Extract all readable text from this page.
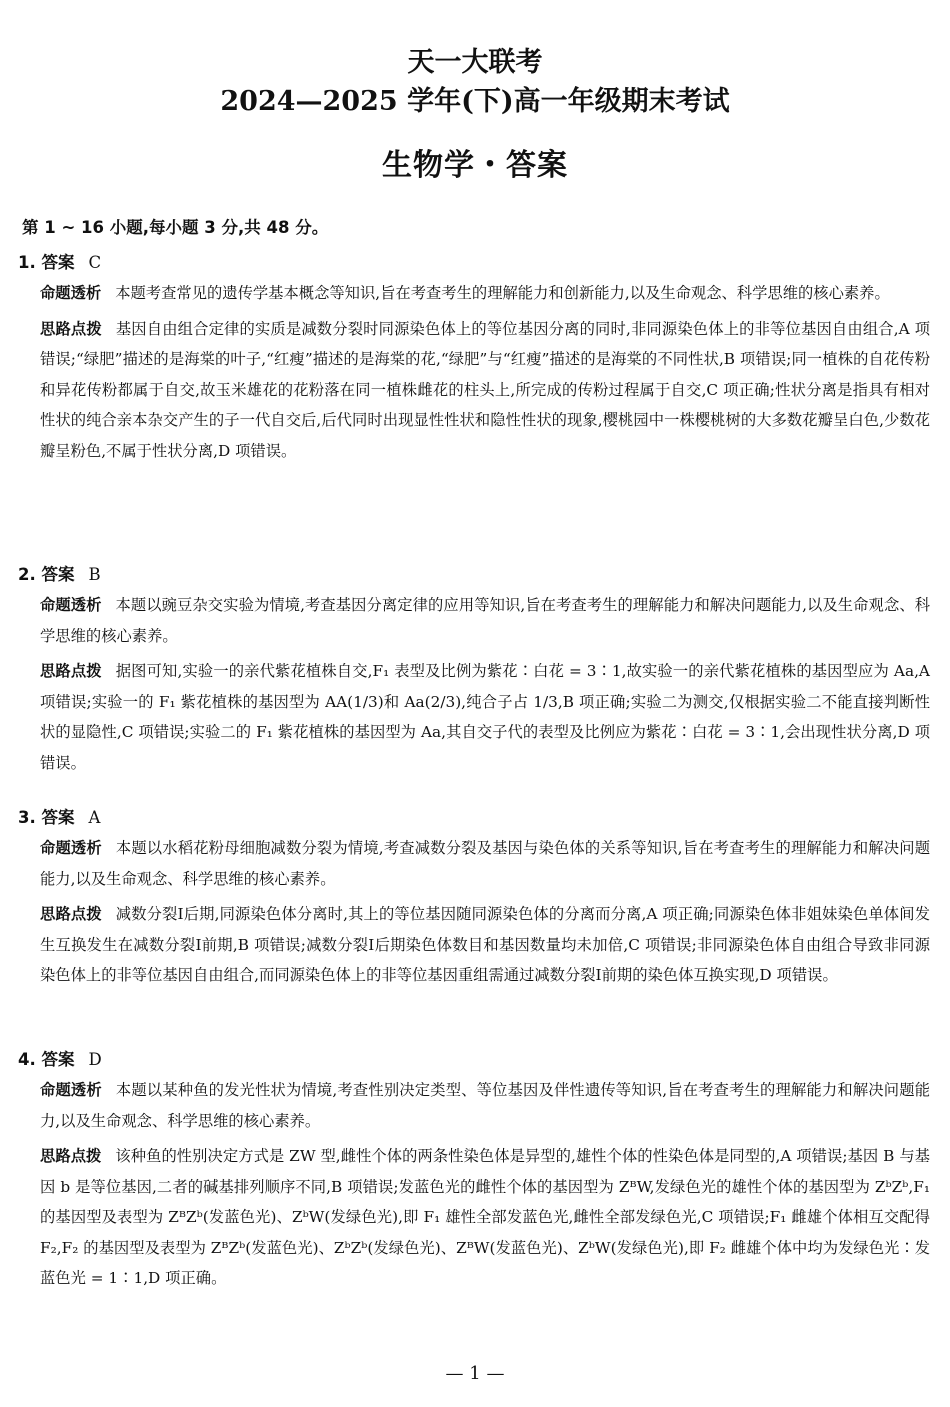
天一大联考
2024—2025 学年(下)高一年级期末考试
生物学・答案
第 1 ~ 16 小题,每小题 3 分,共 48 分。
1. 答案 C
命题透析 本题考查常见的遗传学基本概念等知识,旨在考查考生的理解能力和创新能力,以及生命观念、科学思维的核心素养。
思路点拨 基因自由组合定律的实质是减数分裂时同源染色体上的等位基因分离的同时,非同源染色体上的非等位基因自由组合,A 项错误;“绿肥”描述的是海棠的叶子,“红瘦”描述的是海棠的花,“绿肥”与“红瘦”描述的是海棠的不同性状,B 项错误;同一植株的自花传粉和异花传粉都属于自交,故玉米雄花的花粉落在同一植株雌花的柱头上,所完成的传粉过程属于自交,C 项正确;性状分离是指具有相对性状的纯合亲本杂交产生的子一代自交后,后代同时出现显性性状和隐性性状的现象,樱桃园中一株樱桃树的大多数花瓣呈白色,少数花瓣呈粉色,不属于性状分离,D 项错误。
2. 答案 B
命题透析 本题以豌豆杂交实验为情境,考查基因分离定律的应用等知识,旨在考查考生的理解能力和解决问题能力,以及生命观念、科学思维的核心素养。
思路点拨 据图可知,实验一的亲代紫花植株自交,F₁ 表型及比例为紫花∶白花 = 3∶1,故实验一的亲代紫花植株的基因型应为 Aa,A 项错误;实验一的 F₁ 紫花植株的基因型为 AA(1/3)和 Aa(2/3),纯合子占 1/3,B 项正确;实验二为测交,仅根据实验二不能直接判断性状的显隐性,C 项错误;实验二的 F₁ 紫花植株的基因型为 Aa,其自交子代的表型及比例应为紫花∶白花 = 3∶1,会出现性状分离,D 项错误。
3. 答案 A
命题透析 本题以水稻花粉母细胞减数分裂为情境,考查减数分裂及基因与染色体的关系等知识,旨在考查考生的理解能力和解决问题能力,以及生命观念、科学思维的核心素养。
思路点拨 减数分裂Ⅰ后期,同源染色体分离时,其上的等位基因随同源染色体的分离而分离,A 项正确;同源染色体非姐妹染色单体间发生互换发生在减数分裂Ⅰ前期,B 项错误;减数分裂Ⅰ后期染色体数目和基因数量均未加倍,C 项错误;非同源染色体自由组合导致非同源染色体上的非等位基因自由组合,而同源染色体上的非等位基因重组需通过减数分裂Ⅰ前期的染色体互换实现,D 项错误。
4. 答案 D
命题透析 本题以某种鱼的发光性状为情境,考查性别决定类型、等位基因及伴性遗传等知识,旨在考查考生的理解能力和解决问题能力,以及生命观念、科学思维的核心素养。
思路点拨 该种鱼的性别决定方式是 ZW 型,雌性个体的两条性染色体是异型的,雄性个体的性染色体是同型的,A 项错误;基因 B 与基因 b 是等位基因,二者的碱基排列顺序不同,B 项错误;发蓝色光的雌性个体的基因型为 ZᴮW,发绿色光的雄性个体的基因型为 ZᵇZᵇ,F₁ 的基因型及表型为 ZᴮZᵇ(发蓝色光)、ZᵇW(发绿色光),即 F₁ 雄性全部发蓝色光,雌性全部发绿色光,C 项错误;F₁ 雌雄个体相互交配得 F₂,F₂ 的基因型及表型为 ZᴮZᵇ(发蓝色光)、ZᵇZᵇ(发绿色光)、ZᴮW(发蓝色光)、ZᵇW(发绿色光),即 F₂ 雌雄个体中均为发绿色光∶发蓝色光 = 1∶1,D 项正确。
— 1 —
